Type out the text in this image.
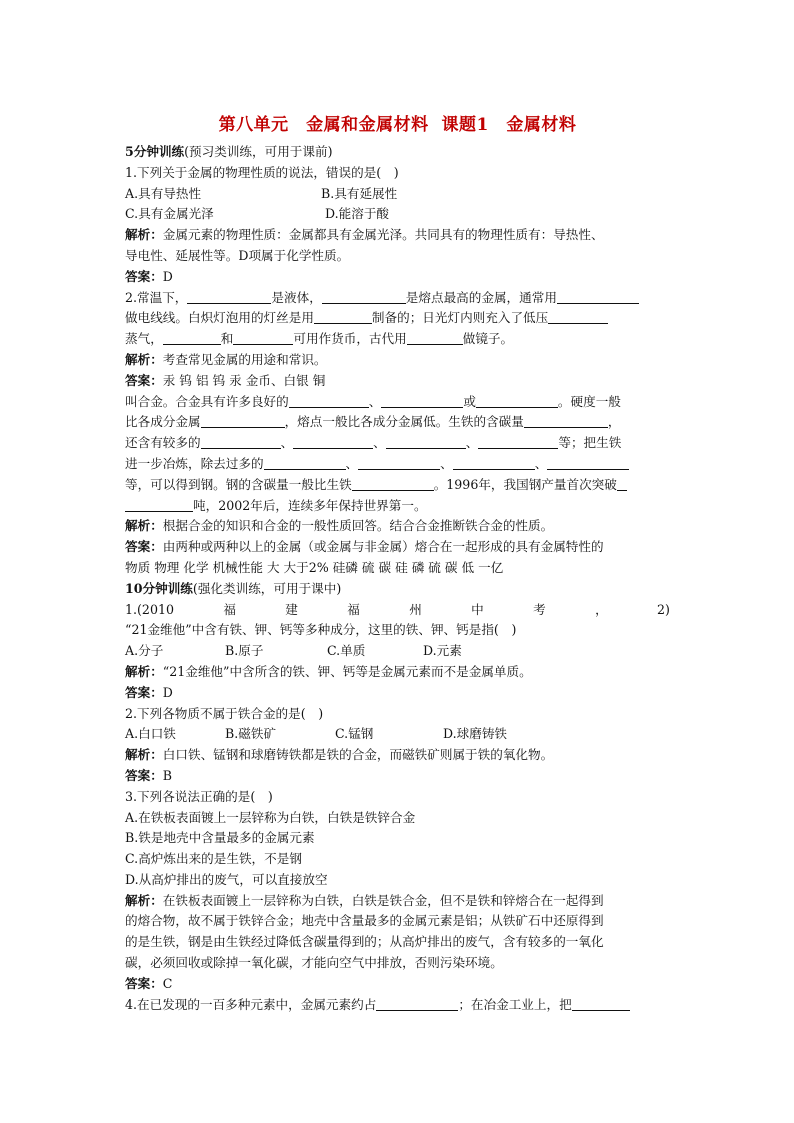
第八单元　金属和金属材料  课题1　金属材料
5分钟训练(预习类训练，可用于课前)
1.下列关于金属的物理性质的说法，错误的是(　)
A.具有导热性	B.具有延展性
C.具有金属光泽	D.能溶于酸
解析：金属元素的物理性质：金属都具有金属光泽。共同具有的物理性质有：导热性、
导电性、延展性等。D项属于化学性质。
答案：D
2.常温下，	是液体，	是熔点最高的金属，通常用
做电线线。白炽灯泡用的灯丝是用	制备的；日光灯内则充入了低压
蒸气，	和	可用作货币，古代用	做镜子。
解析：考查常见金属的用途和常识。
答案：汞 钨 铝 钨 汞 金币、白银 铜
叫合金。合金具有许多良好的	、	或	。硬度一般
比各成分金属	，熔点一般比各成分金属低。生铁的含碳量	，
还含有较多的	、	、	、	等；把生铁
进一步冶炼，除去过多的	、	、	、
等，可以得到钢。钢的含碳量一般比生铁	。1996年，我国钢产量首次突破
吨，2002年后，连续多年保持世界第一。
解析：根据合金的知识和合金的一般性质回答。结合合金推断铁合金的性质。
答案：由两种或两种以上的金属（或金属与非金属）熔合在一起形成的具有金属特性的
物质 物理 化学 机械性能 大 大于2% 硅磷 硫 碳 硅 磷 硫 碳 低 一亿
10分钟训练(强化类训练，可用于课中)
1.(2010	福	建	福	州	中	考	，	2)
“21金维他”中含有铁、钾、钙等多种成分，这里的铁、钾、钙是指(　)
A.分子	B.原子	C.单质	D.元素
解析：“21金维他”中含所含的铁、钾、钙等是金属元素而不是金属单质。
答案：D
2.下列各物质不属于铁合金的是(　)
A.白口铁	B.磁铁矿	C.锰钢	D.球磨铸铁
解析：白口铁、锰钢和球磨铸铁都是铁的合金，而磁铁矿则属于铁的氧化物。
答案：B
3.下列各说法正确的是(　)
A.在铁板表面镀上一层锌称为白铁，白铁是铁锌合金
B.铁是地壳中含量最多的金属元素
C.高炉炼出来的是生铁，不是钢
D.从高炉排出的废气，可以直接放空
解析：在铁板表面镀上一层锌称为白铁，白铁是铁合金，但不是铁和锌熔合在一起得到
的熔合物，故不属于铁锌合金；地壳中含量最多的金属元素是铝；从铁矿石中还原得到
的是生铁，钢是由生铁经过降低含碳量得到的；从高炉排出的废气，含有较多的一氧化
碳，必须回收或除掉一氧化碳，才能向空气中排放，否则污染环境。
答案：C
4.在已发现的一百多种元素中，金属元素约占	；在冶金工业上，把
